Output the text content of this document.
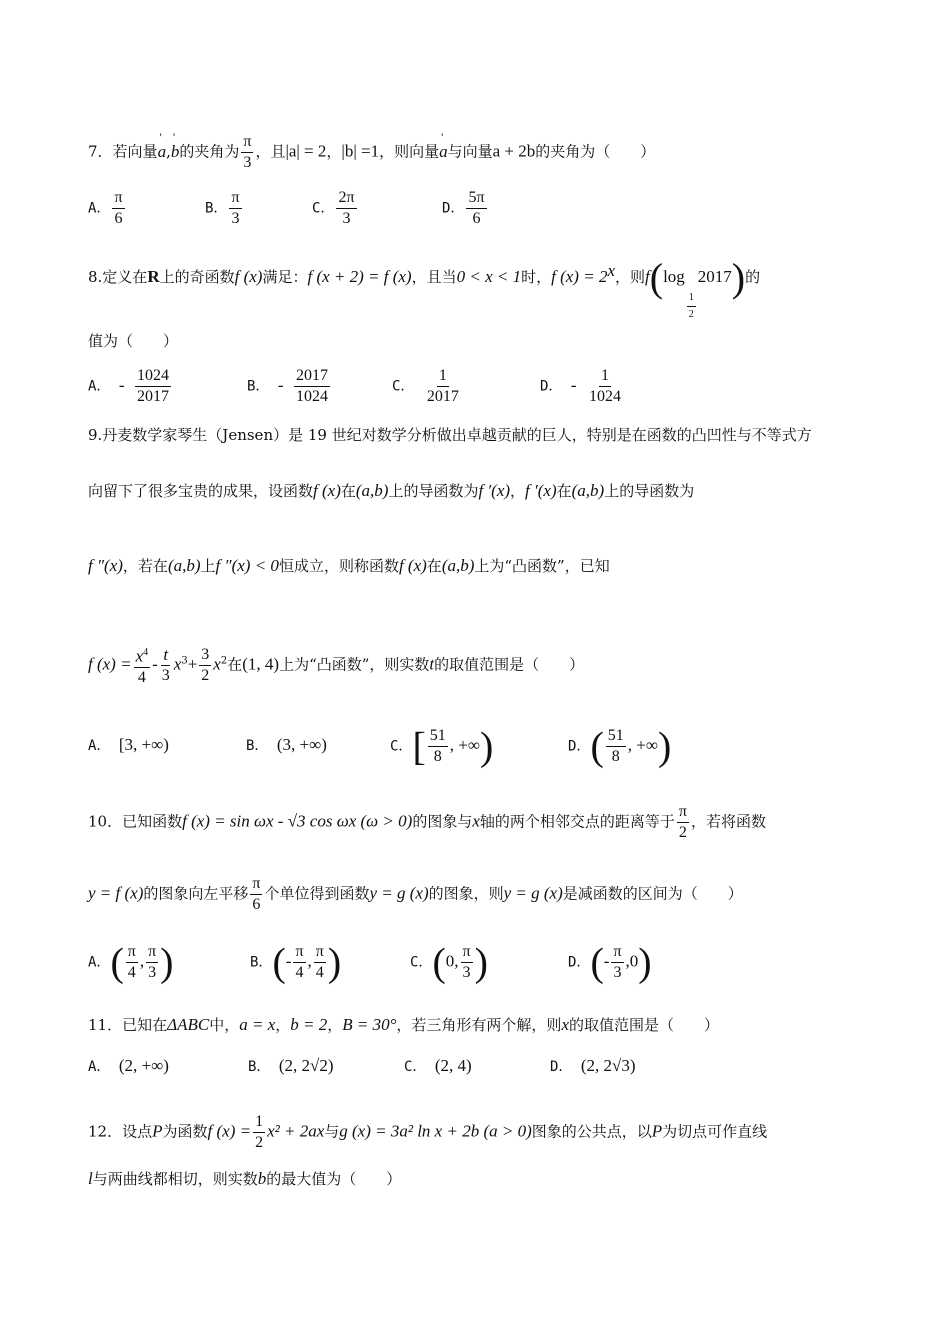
7．若向量' a,' b的夹角为 $\frac{\pi}{3}$ ，且|a| = 2，|b| =1，则向量' a与向量a + 2b的夹角为（　　）
A． $\frac{\pi}{6}$	B． $\frac{\pi}{3}$	C． $\frac{2\pi}{3}$	D． $\frac{5\pi}{6}$
8.定义在R上的奇函数f (x)满足：f (x + 2) = f (x)，且当0 < x < 1时，f $(x) = 2^x$，则f(log
$\frac{1}{2}$
2017)的
值为（　　）
A． - $\frac{1024}{2017}$	B． - $\frac{2017}{1024}$	C． $\frac{1}{2017}$	D． - $\frac{1}{1024}$
9.丹麦数学家琴生（Jensen）是 19 世纪对数学分析做出卓越贡献的巨人，特别是在函数的凸凹性与不等式方
向留下了很多宝贵的成果，设函数f (x)在(a,b)上的导函数为f ′(x)，f ′(x)在(a,b)上的导函数为
f ″(x)，若在(a,b)上f ″(x) < 0恒成立，则称函数f (x)在(a,b)上为“凸函数”，已知
f $(x) = \frac{x^4}{4} - \frac{t}{3} x^3+ \frac{3}{2} x^2$在(1, 4)上为“凸函数”，则实数t的取值范围是（　　）
A． [3, +∞)	B． (3, +∞)	C．[ $\frac{51}{8}$ , +∞)	D．( $\frac{51}{8}$ , +∞)
10．已知函数f (x) = sin ωx - √3 cos ωx (ω > 0)的图象与x轴的两个相邻交点的距离等于 $\frac{\pi}{2}$ ，若将函数
y = f (x)的图象向左平移 $\frac{\pi}{6}$ 个单位得到函数y = g (x)的图象，则y = g (x)是减函数的区间为（　　）
A．( $\frac{\pi}{4}$ , $\frac{\pi}{3}$ )	B．(- $\frac{\pi}{4}$ , $\frac{\pi}{4}$ )	C．(0, $\frac{\pi}{3}$ )	D．(- $\frac{\pi}{3} ,0$)
11．已知在ΔABC中，a = x，b = 2，B = 30°，若三角形有两个解，则x的取值范围是（　　）
A． (2, +∞)	B． (2, 2√2)	C． (2, 4)	D． (2, 2√3)
12．设点P为函数f $(x) = \frac{1}{2} x^2 + 2ax$与g (x) = 3a² ln x + 2b (a > 0)图象的公共点，以P为切点可作直线
l与两曲线都相切，则实数b的最大值为（　　）
